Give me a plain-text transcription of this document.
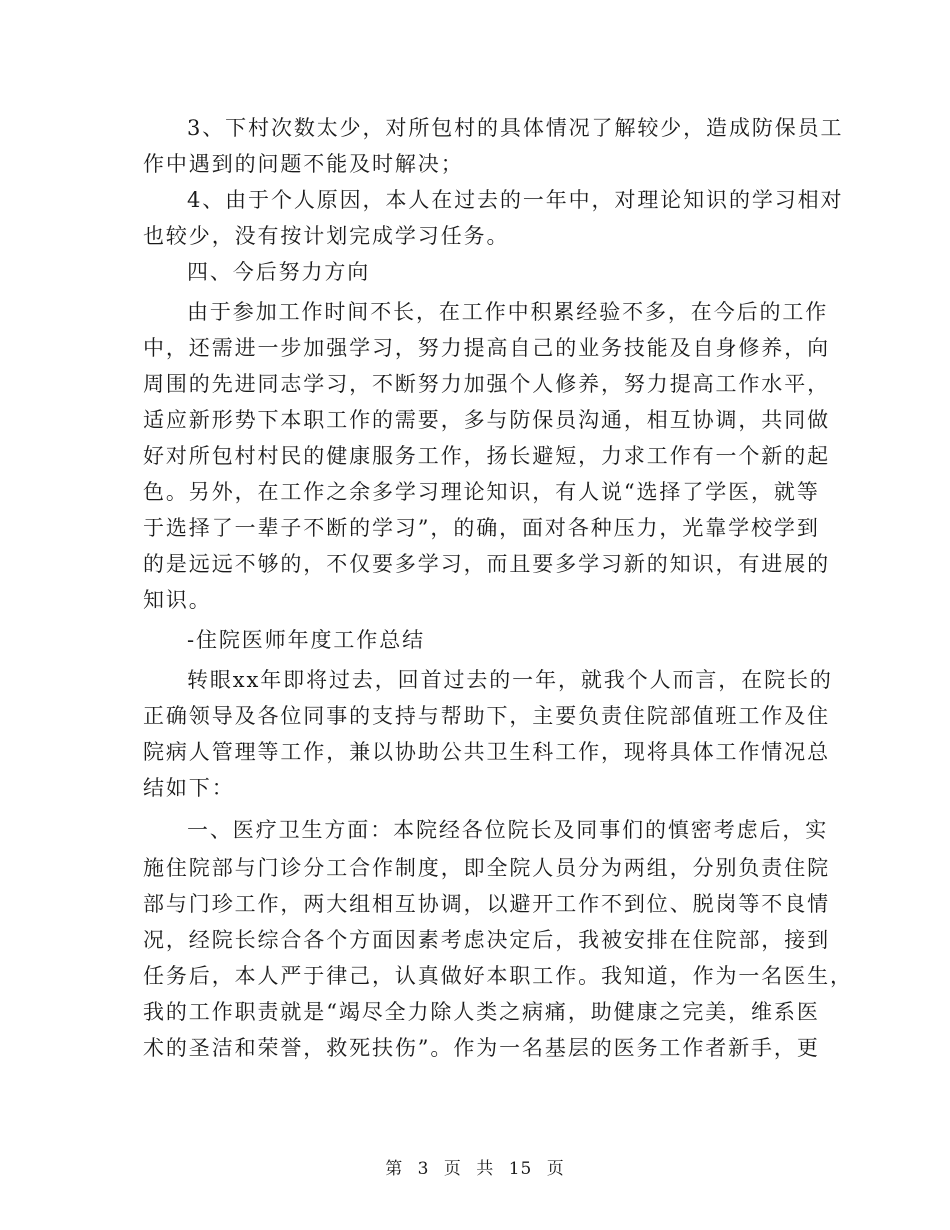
3、下村次数太少，对所包村的具体情况了解较少，造成防保员工
作中遇到的问题不能及时解决；
4、由于个人原因，本人在过去的一年中，对理论知识的学习相对
也较少，没有按计划完成学习任务。
四、今后努力方向
由于参加工作时间不长，在工作中积累经验不多，在今后的工作
中，还需进一步加强学习，努力提高自己的业务技能及自身修养，向
周围的先进同志学习，不断努力加强个人修养，努力提高工作水平，
适应新形势下本职工作的需要，多与防保员沟通，相互协调，共同做
好对所包村村民的健康服务工作，扬长避短，力求工作有一个新的起
色。另外，在工作之余多学习理论知识，有人说“选择了学医，就等
于选择了一辈子不断的学习”，的确，面对各种压力，光靠学校学到
的是远远不够的，不仅要多学习，而且要多学习新的知识，有进展的
知识。
-住院医师年度工作总结
转眼xx年即将过去，回首过去的一年，就我个人而言，在院长的
正确领导及各位同事的支持与帮助下，主要负责住院部值班工作及住
院病人管理等工作，兼以协助公共卫生科工作，现将具体工作情况总
结如下：
一、医疗卫生方面：本院经各位院长及同事们的慎密考虑后，实
施住院部与门诊分工合作制度，即全院人员分为两组，分别负责住院
部与门珍工作，两大组相互协调，以避开工作不到位、脱岗等不良情
况，经院长综合各个方面因素考虑决定后，我被安排在住院部，接到
任务后，本人严于律己，认真做好本职工作。我知道，作为一名医生，
我的工作职责就是“竭尽全力除人类之病痛，助健康之完美，维系医
术的圣洁和荣誉，救死扶伤”。作为一名基层的医务工作者新手，更
第 3 页 共 15 页
